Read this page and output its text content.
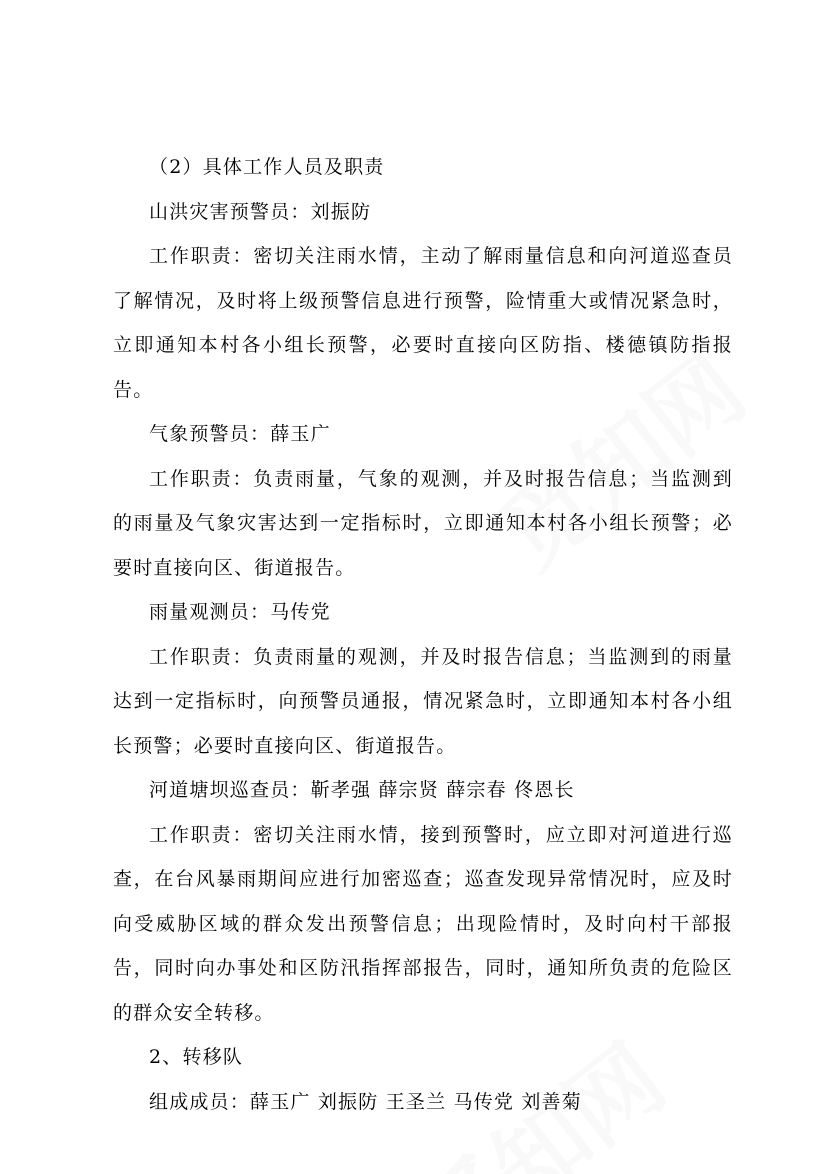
（2）具体工作人员及职责

山洪灾害预警员：刘振防

工作职责：密切关注雨水情，主动了解雨量信息和向河道巡查员了解情况，及时将上级预警信息进行预警，险情重大或情况紧急时，立即通知本村各小组长预警，必要时直接向区防指、楼德镇防指报告。

气象预警员：薛玉广

工作职责：负责雨量，气象的观测，并及时报告信息；当监测到的雨量及气象灾害达到一定指标时，立即通知本村各小组长预警；必要时直接向区、街道报告。

雨量观测员：马传党

工作职责：负责雨量的观测，并及时报告信息；当监测到的雨量达到一定指标时，向预警员通报，情况紧急时，立即通知本村各小组长预警；必要时直接向区、街道报告。

河道塘坝巡查员：靳孝强 薛宗贤 薛宗春 佟恩长

工作职责：密切关注雨水情，接到预警时，应立即对河道进行巡查，在台风暴雨期间应进行加密巡查；巡查发现异常情况时，应及时向受威胁区域的群众发出预警信息；出现险情时，及时向村干部报告，同时向办事处和区防汛指挥部报告，同时，通知所负责的危险区的群众安全转移。

2、转移队

组成成员：薛玉广 刘振防 王圣兰 马传党 刘善菊
